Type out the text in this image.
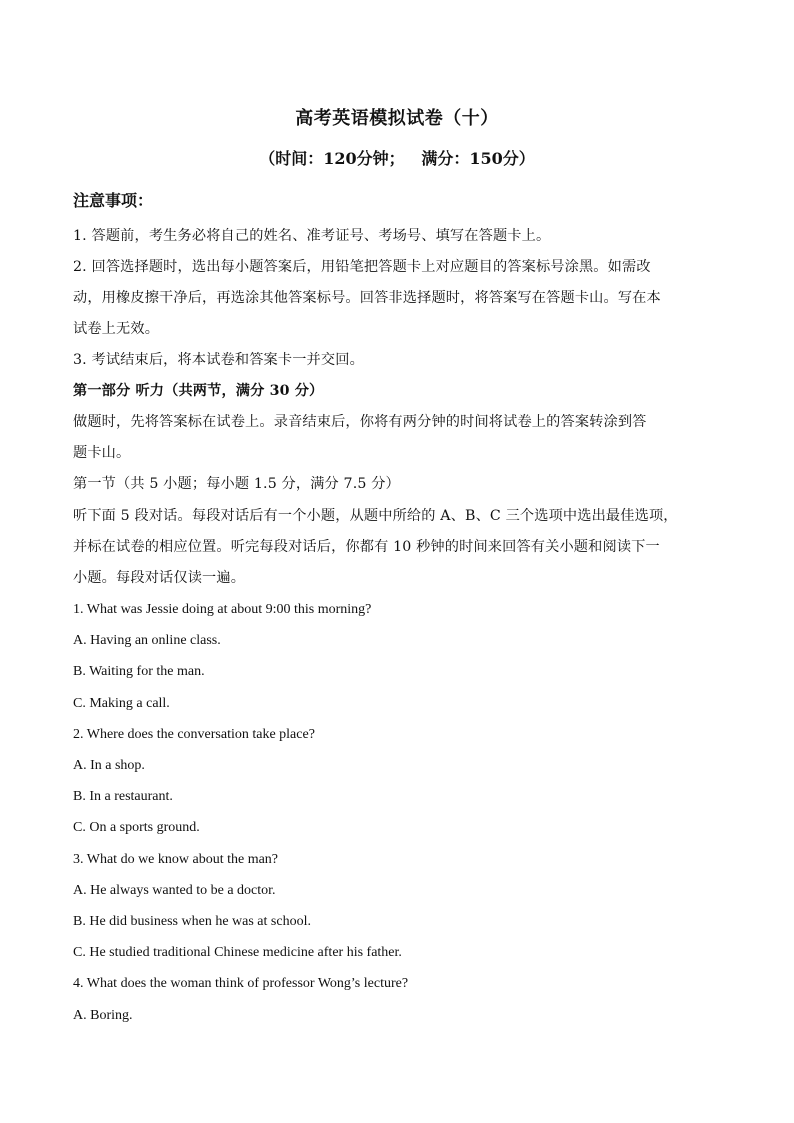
高考英语模拟试卷（十）
（时间：120分钟；   满分：150分）
注意事项：
1. 答题前，考生务必将自己的姓名、准考证号、考场号、填写在答题卡上。
2. 回答选择题时，选出每小题答案后，用铅笔把答题卡上对应题目的答案标号涂黑。如需改
动，用橡皮擦干净后，再选涂其他答案标号。回答非选择题时，将答案写在答题卡山。写在本
试卷上无效。
3. 考试结束后，将本试卷和答案卡一并交回。
第一部分 听力（共两节，满分 30 分）
做题时，先将答案标在试卷上。录音结束后，你将有两分钟的时间将试卷上的答案转涂到答
题卡山。
第一节（共 5 小题；每小题 1.5 分，满分 7.5 分）
听下面 5 段对话。每段对话后有一个小题，从题中所给的 A、B、C 三个选项中选出最佳选项，
并标在试卷的相应位置。听完每段对话后，你都有 10 秒钟的时间来回答有关小题和阅读下一
小题。每段对话仅读一遍。
1. What was Jessie doing at about 9:00 this morning?
A. Having an online class.
B. Waiting for the man.
C. Making a call.
2. Where does the conversation take place?
A. In a shop.
B. In a restaurant.
C. On a sports ground.
3. What do we know about the man?
A. He always wanted to be a doctor.
B. He did business when he was at school.
C. He studied traditional Chinese medicine after his father.
4. What does the woman think of professor Wong’s lecture?
A. Boring.
